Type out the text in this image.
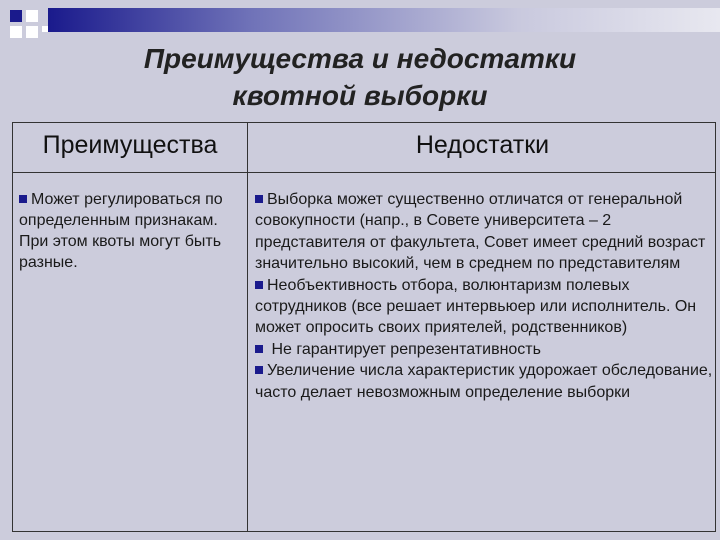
Преимущества и недостатки
квотной выборки
Преимущества	Недостатки
Может регулироваться по определенным признакам. При этом квоты могут быть разные.
Выборка может существенно отличатся от генеральной совокупности (напр., в Совете университета – 2 представителя от факультета, Совет имеет средний возраст значительно высокий, чем в среднем по представителям
Необъективность отбора, волюнтаризм полевых сотрудников (все решает интервьюер или исполнитель. Он может опросить своих приятелей, родственников)
Не гарантирует репрезентативность
Увеличение числа характеристик удорожает обследование, часто делает невозможным определение выборки
